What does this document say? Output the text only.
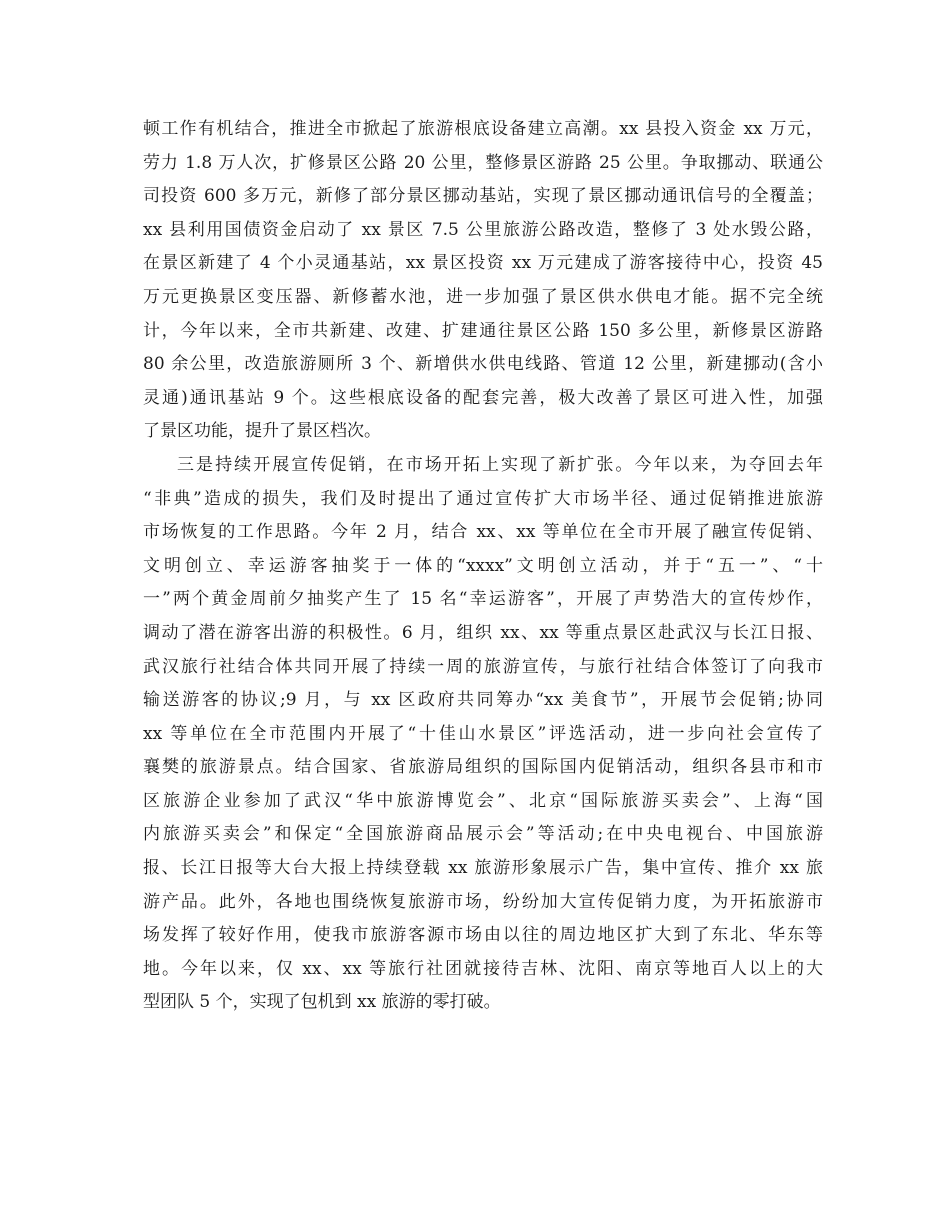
顿工作有机结合，推进全市掀起了旅游根底设备建立高潮。xx 县投入资金 xx 万元，
劳力 1.8 万人次，扩修景区公路 20 公里，整修景区游路 25 公里。争取挪动、联通公
司投资 600 多万元，新修了部分景区挪动基站，实现了景区挪动通讯信号的全覆盖；
xx 县利用国债资金启动了 xx 景区 7.5 公里旅游公路改造，整修了 3 处水毁公路，
在景区新建了 4 个小灵通基站，xx 景区投资 xx 万元建成了游客接待中心，投资 45
万元更换景区变压器、新修蓄水池，进一步加强了景区供水供电才能。据不完全统
计，今年以来，全市共新建、改建、扩建通往景区公路 150 多公里，新修景区游路
80 余公里，改造旅游厕所 3 个、新增供水供电线路、管道 12 公里，新建挪动(含小
灵通)通讯基站 9 个。这些根底设备的配套完善，极大改善了景区可进入性，加强
了景区功能，提升了景区档次。
三是持续开展宣传促销，在市场开拓上实现了新扩张。今年以来，为夺回去年
“非典”造成的损失，我们及时提出了通过宣传扩大市场半径、通过促销推进旅游
市场恢复的工作思路。今年 2 月，结合 xx、xx 等单位在全市开展了融宣传促销、
文明创立、幸运游客抽奖于一体的“xxxx”文明创立活动，并于“五一”、“十
一”两个黄金周前夕抽奖产生了 15 名“幸运游客”，开展了声势浩大的宣传炒作，
调动了潜在游客出游的积极性。6 月，组织 xx、xx 等重点景区赴武汉与长江日报、
武汉旅行社结合体共同开展了持续一周的旅游宣传，与旅行社结合体签订了向我市
输送游客的协议;9 月，与 xx 区政府共同筹办“xx 美食节”，开展节会促销;协同
xx 等单位在全市范围内开展了“十佳山水景区”评选活动，进一步向社会宣传了
襄樊的旅游景点。结合国家、省旅游局组织的国际国内促销活动，组织各县市和市
区旅游企业参加了武汉“华中旅游博览会”、北京“国际旅游买卖会”、上海“国
内旅游买卖会”和保定“全国旅游商品展示会”等活动;在中央电视台、中国旅游
报、长江日报等大台大报上持续登载 xx 旅游形象展示广告，集中宣传、推介 xx 旅
游产品。此外，各地也围绕恢复旅游市场，纷纷加大宣传促销力度，为开拓旅游市
场发挥了较好作用，使我市旅游客源市场由以往的周边地区扩大到了东北、华东等
地。今年以来，仅 xx、xx 等旅行社团就接待吉林、沈阳、南京等地百人以上的大
型团队 5 个，实现了包机到 xx 旅游的零打破。
